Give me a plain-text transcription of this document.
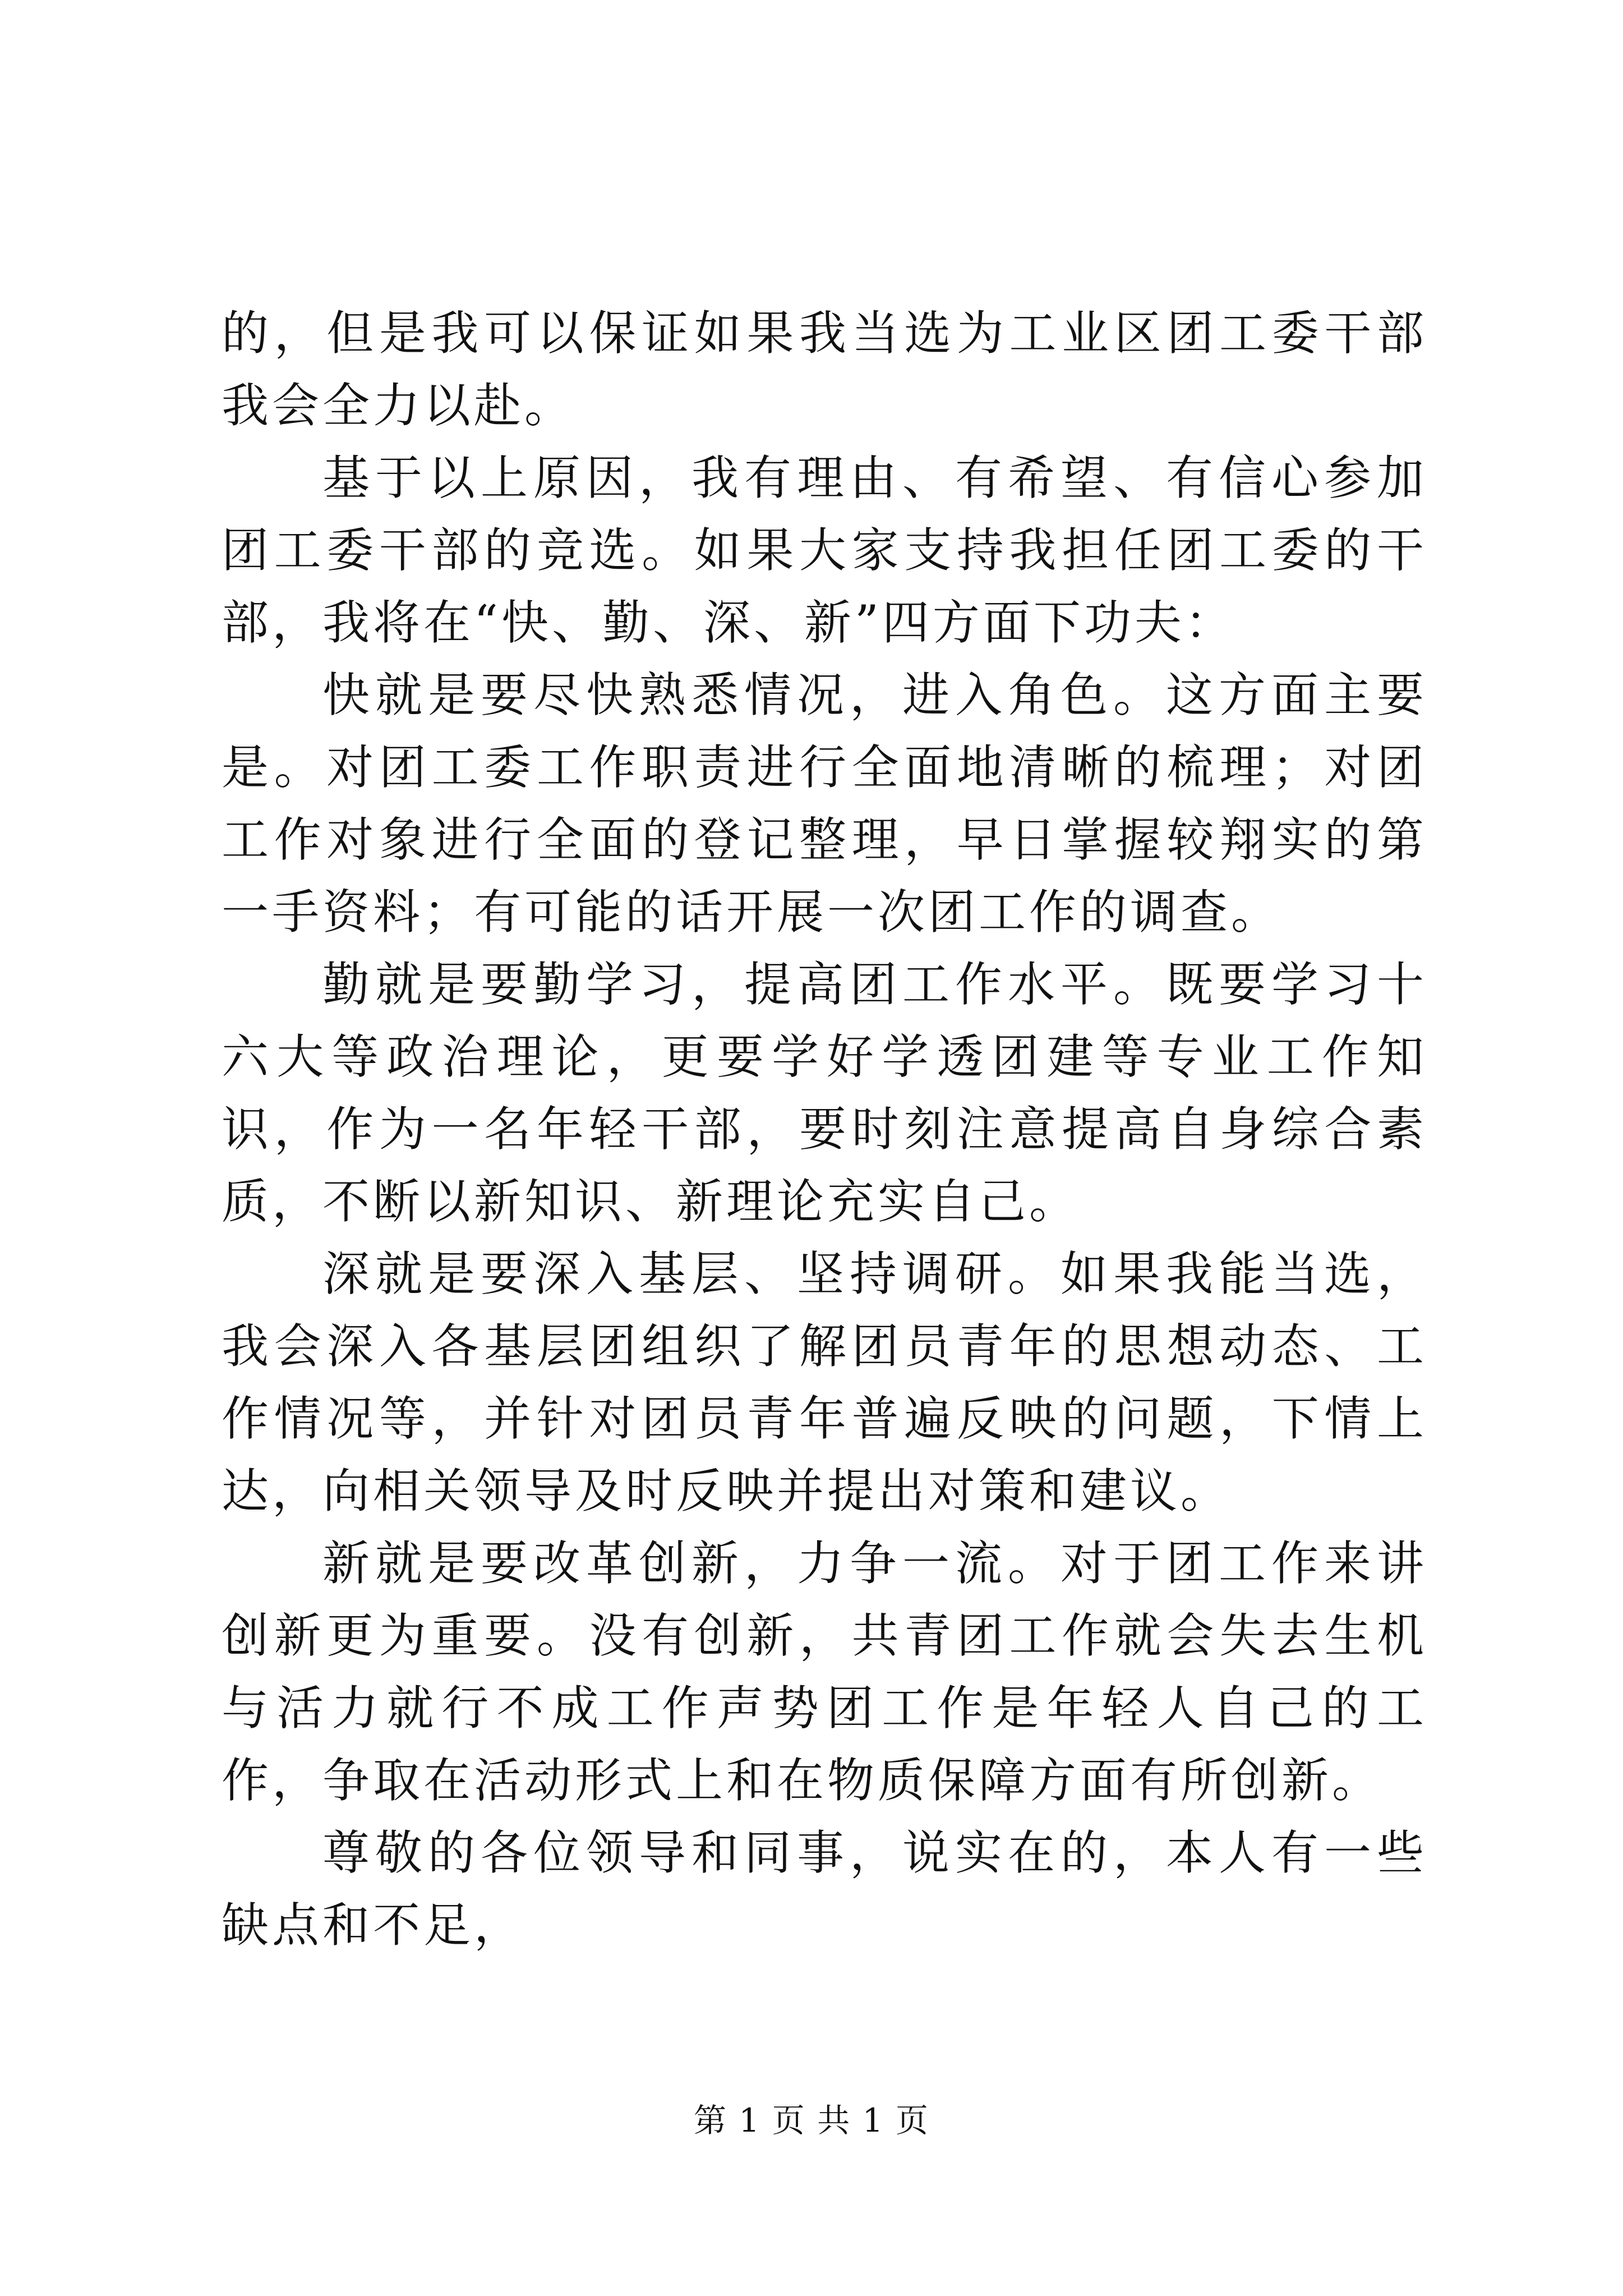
的，但是我可以保证如果我当选为工业区团工委干部我会全力以赴。

基于以上原因，我有理由、有希望、有信心参加团工委干部的竞选。如果大家支持我担任团工委的干部，我将在“快、勤、深、新”四方面下功夫：

快就是要尽快熟悉情况，进入角色。这方面主要是。对团工委工作职责进行全面地清晰的梳理；对团工作对象进行全面的登记整理，早日掌握较翔实的第一手资料；有可能的话开展一次团工作的调查。

勤就是要勤学习，提高团工作水平。既要学习十六大等政治理论，更要学好学透团建等专业工作知识，作为一名年轻干部，要时刻注意提高自身综合素质，不断以新知识、新理论充实自己。

深就是要深入基层、坚持调研。如果我能当选，我会深入各基层团组织了解团员青年的思想动态、工作情况等，并针对团员青年普遍反映的问题，下情上达，向相关领导及时反映并提出对策和建议。

新就是要改革创新，力争一流。对于团工作来讲创新更为重要。没有创新，共青团工作就会失去生机与活力就行不成工作声势团工作是年轻人自己的工作，争取在活动形式上和在物质保障方面有所创新。

尊敬的各位领导和同事，说实在的，本人有一些缺点和不足，

第 1 页 共 1 页
